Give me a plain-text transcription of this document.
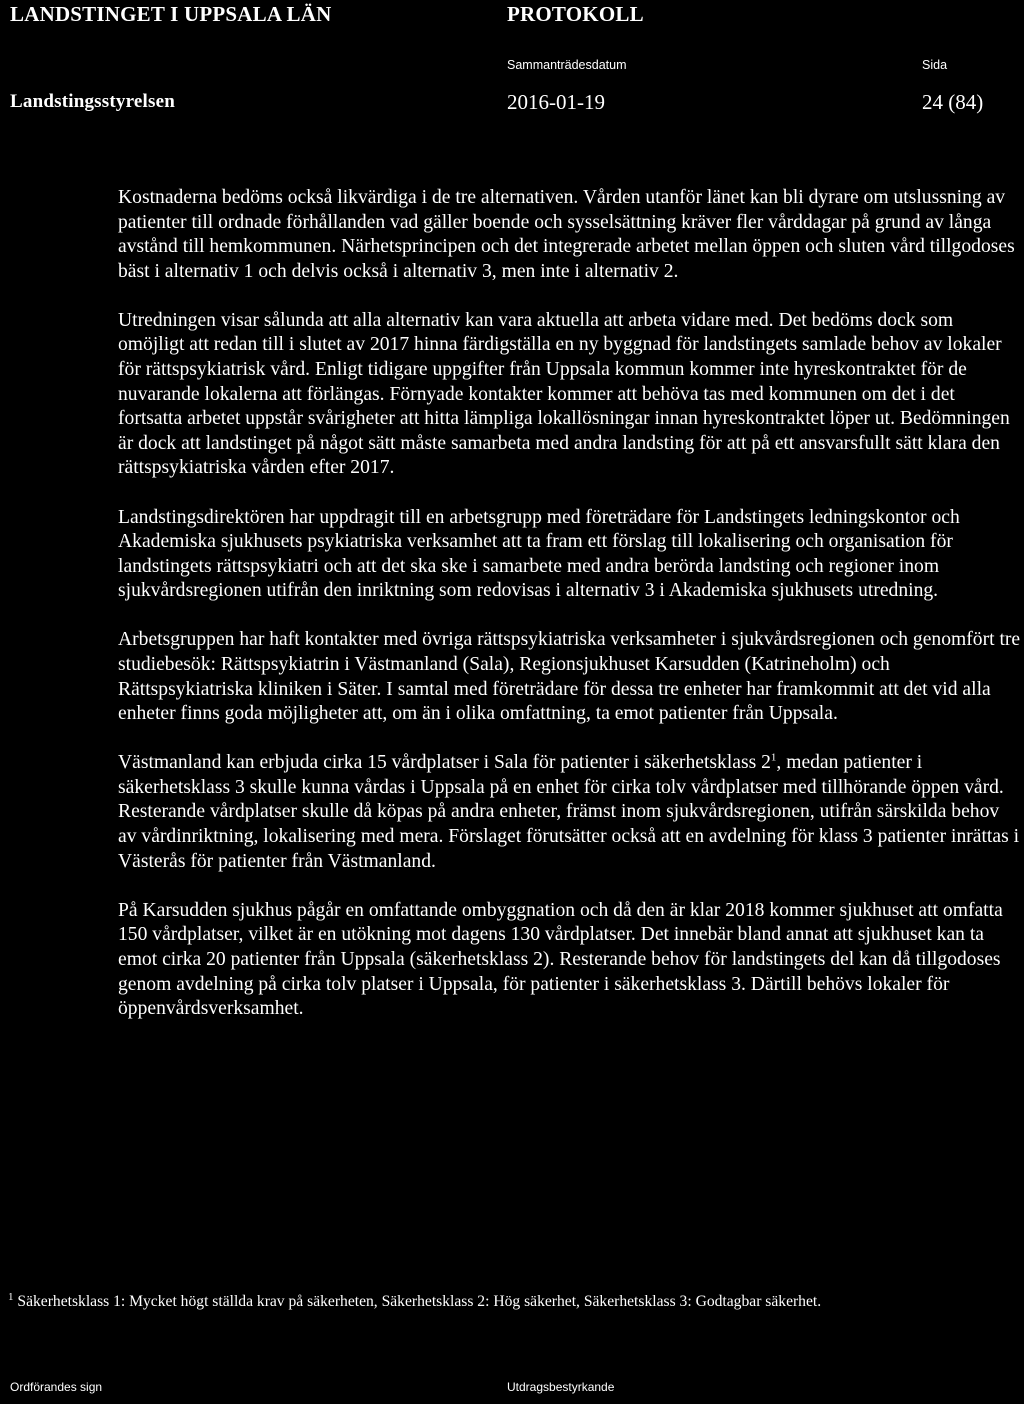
LANDSTINGET I UPPSALA LÄN	PROTOKOLL
Sammanträdesdatum	Sida
Landstingsstyrelsen	2016-01-19	24 (84)

Kostnaderna bedöms också likvärdiga i de tre alternativen. Vården utanför länet kan bli dyrare om utslussning av patienter till ordnade förhållanden vad gäller boende och sysselsättning kräver fler vårddagar på grund av långa avstånd till hemkommunen. Närhetsprincipen och det integrerade arbetet mellan öppen och sluten vård tillgodoses bäst i alternativ 1 och delvis också i alternativ 3, men inte i alternativ 2.

Utredningen visar sålunda att alla alternativ kan vara aktuella att arbeta vidare med. Det bedöms dock som omöjligt att redan till i slutet av 2017 hinna färdigställa en ny byggnad för landstingets samlade behov av lokaler för rättspsykiatrisk vård. Enligt tidigare uppgifter från Uppsala kommun kommer inte hyreskontraktet för de nuvarande lokalerna att förlängas. Förnyade kontakter kommer att behöva tas med kommunen om det i det fortsatta arbetet uppstår svårigheter att hitta lämpliga lokallösningar innan hyreskontraktet löper ut. Bedömningen är dock att landstinget på något sätt måste samarbeta med andra landsting för att på ett ansvarsfullt sätt klara den rättspsykiatriska vården efter 2017.

Landstingsdirektören har uppdragit till en arbetsgrupp med företrädare för Landstingets ledningskontor och Akademiska sjukhusets psykiatriska verksamhet att ta fram ett förslag till lokalisering och organisation för landstingets rättspsykiatri och att det ska ske i samarbete med andra berörda landsting och regioner inom sjukvårdsregionen utifrån den inriktning som redovisas i alternativ 3 i Akademiska sjukhusets utredning.

Arbetsgruppen har haft kontakter med övriga rättspsykiatriska verksamheter i sjukvårdsregionen och genomfört tre studiebesök: Rättspsykiatrin i Västmanland (Sala), Regionsjukhuset Karsudden (Katrineholm) och Rättspsykiatriska kliniken i Säter. I samtal med företrädare för dessa tre enheter har framkommit att det vid alla enheter finns goda möjligheter att, om än i olika omfattning, ta emot patienter från Uppsala.

Västmanland kan erbjuda cirka 15 vårdplatser i Sala för patienter i säkerhetsklass $2^1$, medan patienter i säkerhetsklass 3 skulle kunna vårdas i Uppsala på en enhet för cirka tolv vårdplatser med tillhörande öppen vård. Resterande vårdplatser skulle då köpas på andra enheter, främst inom sjukvårdsregionen, utifrån särskilda behov av vårdinriktning, lokalisering med mera. Förslaget förutsätter också att en avdelning för klass 3 patienter inrättas i Västerås för patienter från Västmanland.

På Karsudden sjukhus pågår en omfattande ombyggnation och då den är klar 2018 kommer sjukhuset att omfatta 150 vårdplatser, vilket är en utökning mot dagens 130 vårdplatser. Det innebär bland annat att sjukhuset kan ta emot cirka 20 patienter från Uppsala (säkerhetsklass 2). Resterande behov för landstingets del kan då tillgodoses genom avdelning på cirka tolv platser i Uppsala, för patienter i säkerhetsklass 3. Därtill behövs lokaler för öppenvårdsverksamhet.

$^1$ Säkerhetsklass 1: Mycket högt ställda krav på säkerheten, Säkerhetsklass 2: Hög säkerhet, Säkerhetsklass 3: Godtagbar säkerhet.
Ordförandes sign	Utdragsbestyrkande
